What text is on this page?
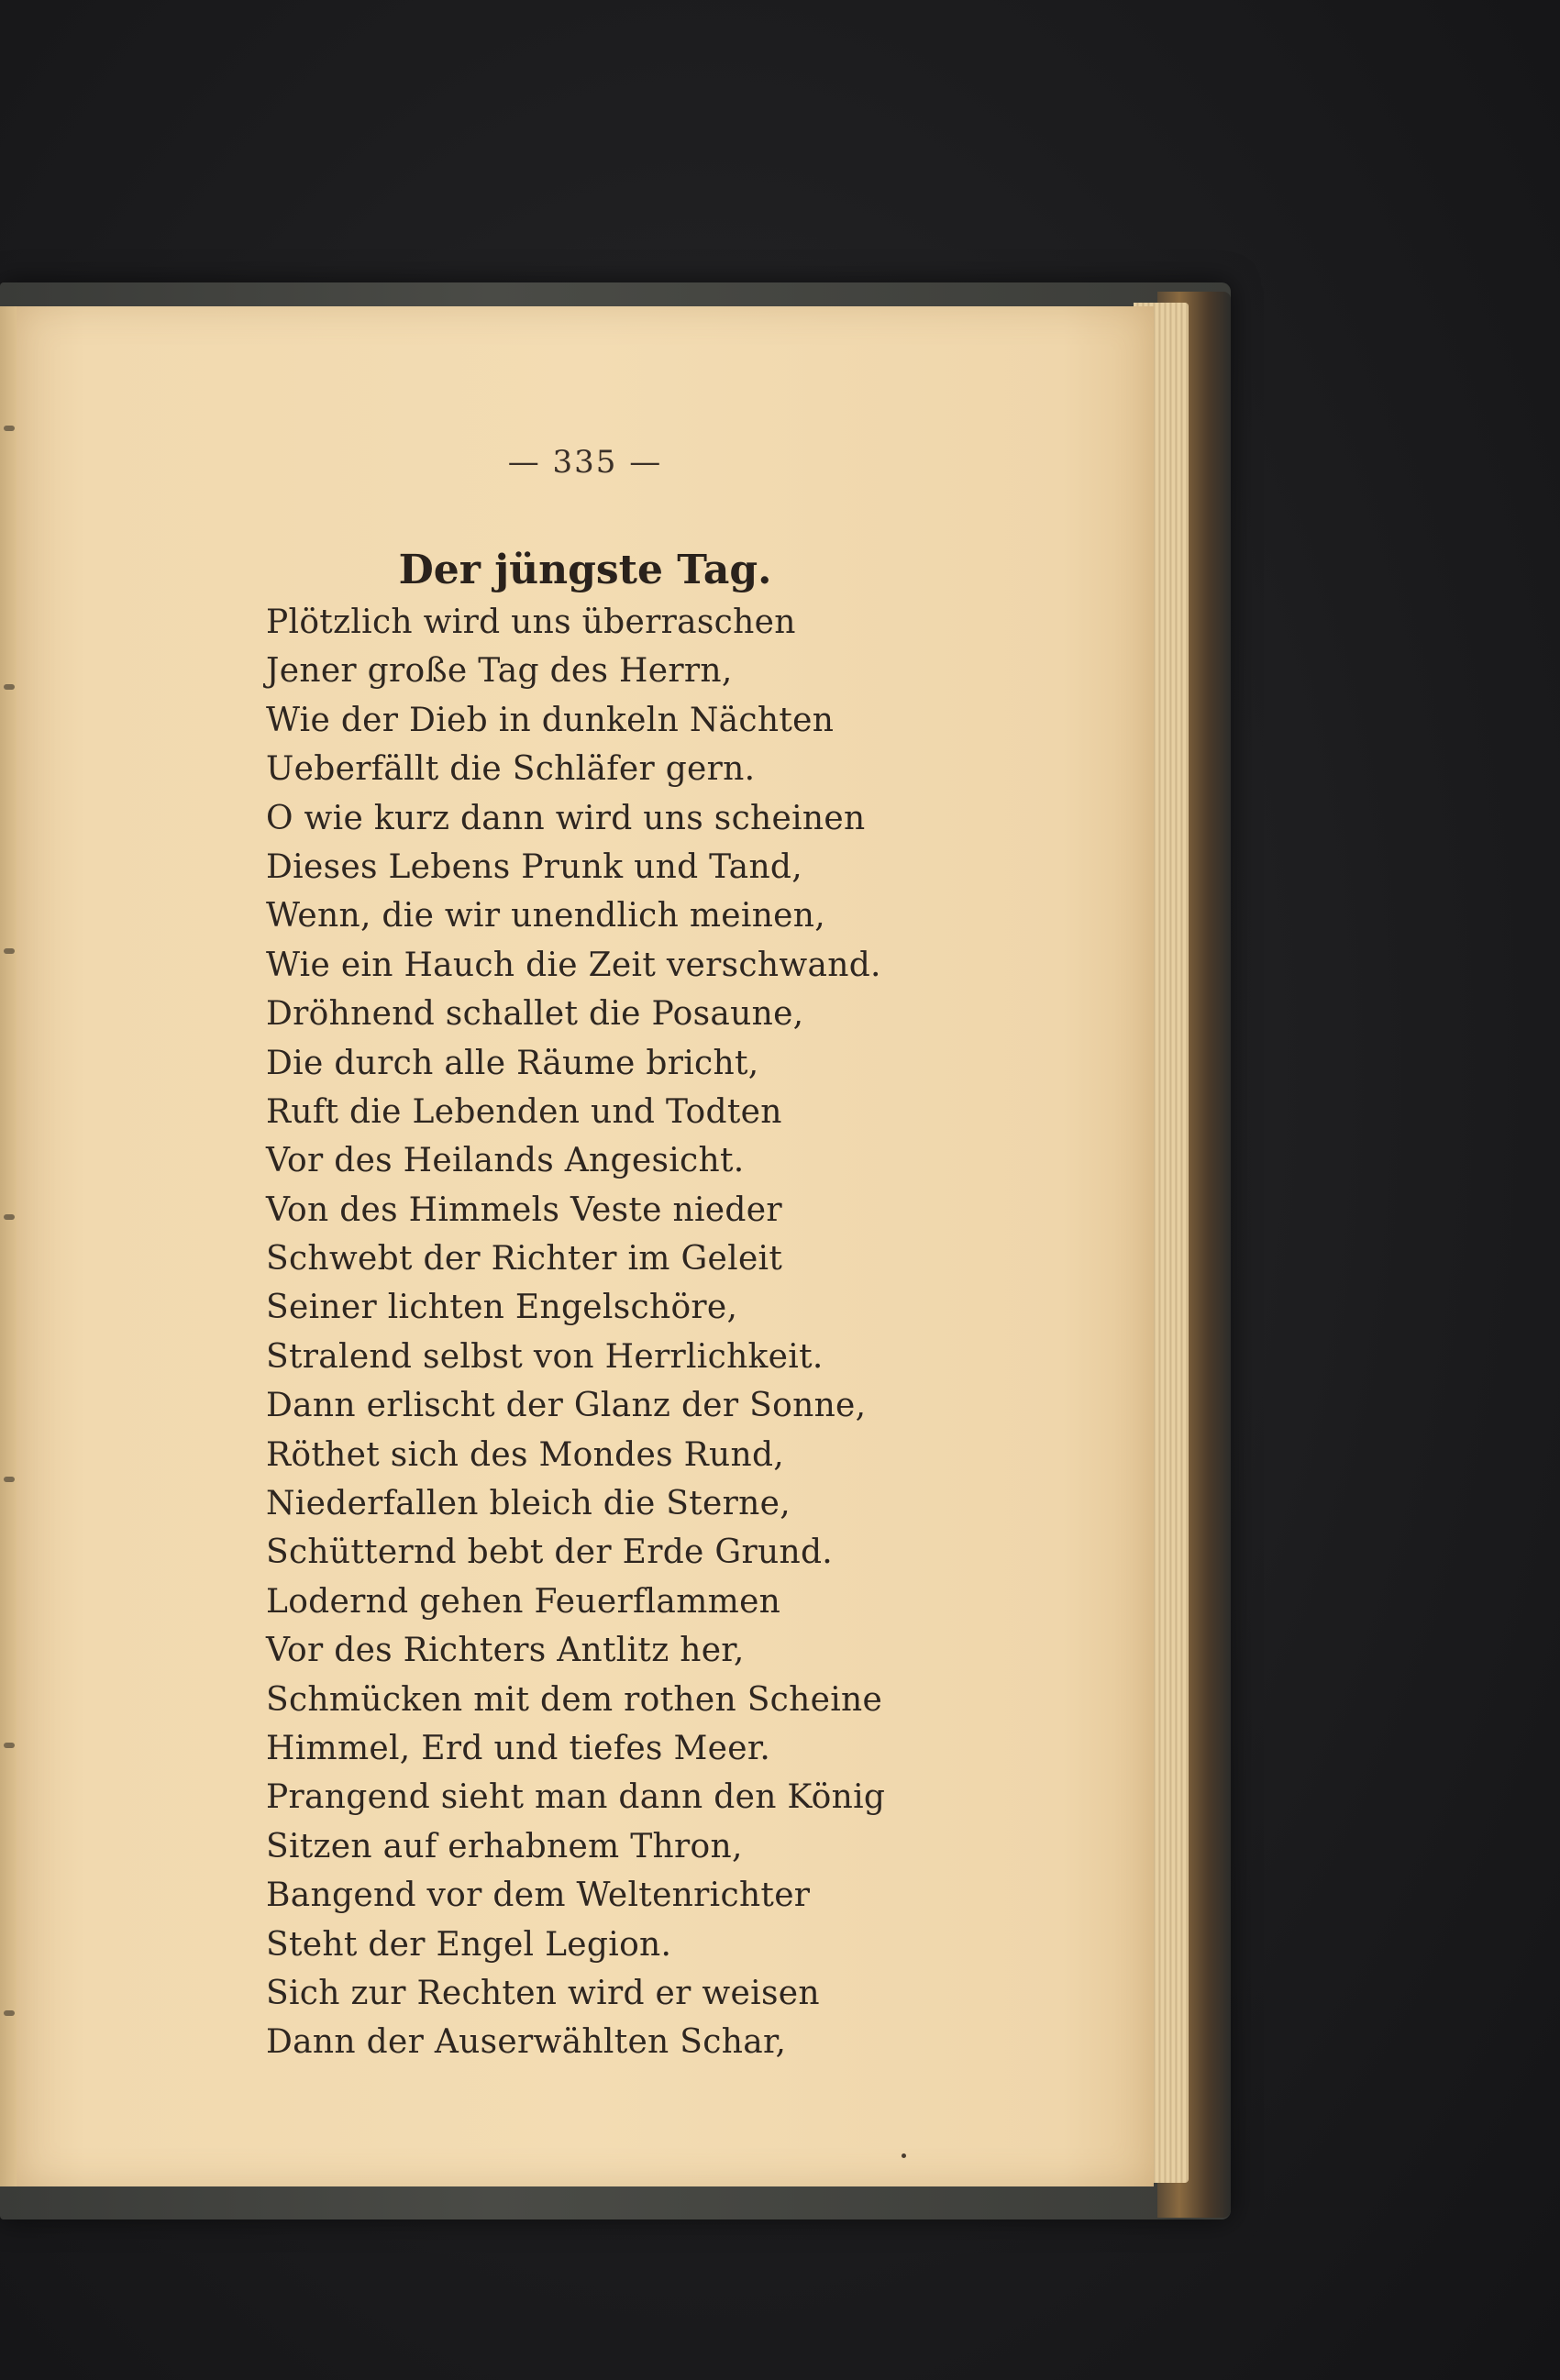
— 335 —
Der jüngste Tag.
Plötzlich wird uns überraschen
Jener große Tag des Herrn,
Wie der Dieb in dunkeln Nächten
Ueberfällt die Schläfer gern.
O wie kurz dann wird uns scheinen
Dieses Lebens Prunk und Tand,
Wenn, die wir unendlich meinen,
Wie ein Hauch die Zeit verschwand.
Dröhnend schallet die Posaune,
Die durch alle Räume bricht,
Ruft die Lebenden und Todten
Vor des Heilands Angesicht.
Von des Himmels Veste nieder
Schwebt der Richter im Geleit
Seiner lichten Engelschöre,
Stralend selbst von Herrlichkeit.
Dann erlischt der Glanz der Sonne,
Röthet sich des Mondes Rund,
Niederfallen bleich die Sterne,
Schütternd bebt der Erde Grund.
Lodernd gehen Feuerflammen
Vor des Richters Antlitz her,
Schmücken mit dem rothen Scheine
Himmel, Erd und tiefes Meer.
Prangend sieht man dann den König
Sitzen auf erhabnem Thron,
Bangend vor dem Weltenrichter
Steht der Engel Legion.
Sich zur Rechten wird er weisen
Dann der Auserwählten Schar,
